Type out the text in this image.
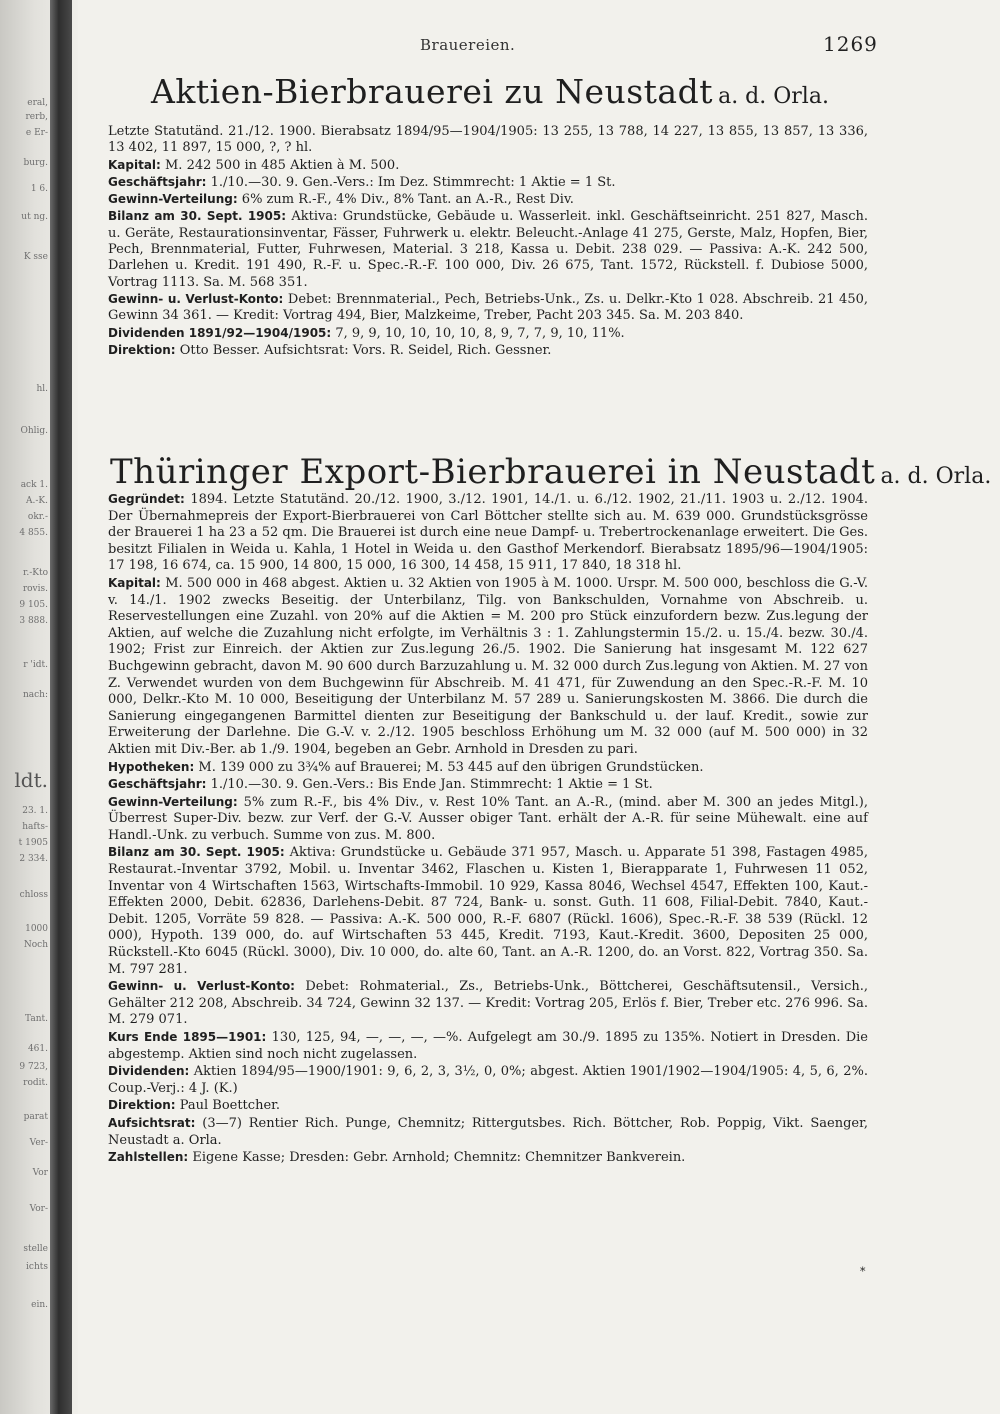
eral,
rerb,
e Er-
burg.
1 6.
ut ng.
K sse
hl.
Ohlig.
ack 1.
A.-K.
okr.-
4 855.
r.-Kto
rovis.
9 105.
3 888.
r 'idt.
nach:
ldt.
23. 1.
hafts-
t 1905
2 334.
chloss
1000
Noch
Tant.
461.
9 723,
rodit.
parat
Ver-
Vor
Vor-
stelle
ichts
ein.
Brauereien.	1269
Aktien-Bierbrauerei zu Neustadt a. d. Orla.

Letzte Statutänd. 21./12. 1900. Bierabsatz 1894/95—1904/1905: 13 255, 13 788, 14 227, 13 855, 13 857, 13 336, 13 402, 11 897, 15 000, ?, ? hl.

Kapital: M. 242 500 in 485 Aktien à M. 500.

Geschäftsjahr: 1./10.—30. 9. Gen.-Vers.: Im Dez. Stimmrecht: 1 Aktie = 1 St.

Gewinn-Verteilung: 6% zum R.-F., 4% Div., 8% Tant. an A.-R., Rest Div.

Bilanz am 30. Sept. 1905: Aktiva: Grundstücke, Gebäude u. Wasserleit. inkl. Geschäftseinricht. 251 827, Masch. u. Geräte, Restaurationsinventar, Fässer, Fuhrwerk u. elektr. Beleucht.-Anlage 41 275, Gerste, Malz, Hopfen, Bier, Pech, Brennmaterial, Futter, Fuhrwesen, Material. 3 218, Kassa u. Debit. 238 029. — Passiva: A.-K. 242 500, Darlehen u. Kredit. 191 490, R.-F. u. Spec.-R.-F. 100 000, Div. 26 675, Tant. 1572, Rückstell. f. Dubiose 5000, Vortrag 1113. Sa. M. 568 351.

Gewinn- u. Verlust-Konto: Debet: Brennmaterial., Pech, Betriebs-Unk., Zs. u. Delkr.-Kto 1 028. Abschreib. 21 450, Gewinn 34 361. — Kredit: Vortrag 494, Bier, Malzkeime, Treber, Pacht 203 345. Sa. M. 203 840.

Dividenden 1891/92—1904/1905: 7, 9, 9, 10, 10, 10, 10, 8, 9, 7, 7, 9, 10, 11%.

Direktion: Otto Besser. Aufsichtsrat: Vors. R. Seidel, Rich. Gessner.

Thüringer Export-Bierbrauerei in Neustadt a. d. Orla.

Gegründet: 1894. Letzte Statutänd. 20./12. 1900, 3./12. 1901, 14./1. u. 6./12. 1902, 21./11. 1903 u. 2./12. 1904. Der Übernahmepreis der Export-Bierbrauerei von Carl Böttcher stellte sich au. M. 639 000. Grundstücksgrösse der Brauerei 1 ha 23 a 52 qm. Die Brauerei ist durch eine neue Dampf- u. Trebertrockenanlage erweitert. Die Ges. besitzt Filialen in Weida u. Kahla, 1 Hotel in Weida u. den Gasthof Merkendorf. Bierabsatz 1895/96—1904/1905: 17 198, 16 674, ca. 15 900, 14 800, 15 000, 16 300, 14 458, 15 911, 17 840, 18 318 hl.

Kapital: M. 500 000 in 468 abgest. Aktien u. 32 Aktien von 1905 à M. 1000. Urspr. M. 500 000, beschloss die G.-V. v. 14./1. 1902 zwecks Beseitig. der Unterbilanz, Tilg. von Bankschulden, Vornahme von Abschreib. u. Reservestellungen eine Zuzahl. von 20% auf die Aktien = M. 200 pro Stück einzufordern bezw. Zus.legung der Aktien, auf welche die Zuzahlung nicht erfolgte, im Verhältnis 3 : 1. Zahlungstermin 15./2. u. 15./4. bezw. 30./4. 1902; Frist zur Einreich. der Aktien zur Zus.legung 26./5. 1902. Die Sanierung hat insgesamt M. 122 627 Buchgewinn gebracht, davon M. 90 600 durch Barzuzahlung u. M. 32 000 durch Zus.legung von Aktien. M. 27 von Z. Verwendet wurden von dem Buchgewinn für Abschreib. M. 41 471, für Zuwendung an den Spec.-R.-F. M. 10 000, Delkr.-Kto M. 10 000, Beseitigung der Unterbilanz M. 57 289 u. Sanierungskosten M. 3866. Die durch die Sanierung eingegangenen Barmittel dienten zur Beseitigung der Bankschuld u. der lauf. Kredit., sowie zur Erweiterung der Darlehne. Die G.-V. v. 2./12. 1905 beschloss Erhöhung um M. 32 000 (auf M. 500 000) in 32 Aktien mit Div.-Ber. ab 1./9. 1904, begeben an Gebr. Arnhold in Dresden zu pari.

Hypotheken: M. 139 000 zu 3¾% auf Brauerei; M. 53 445 auf den übrigen Grundstücken.

Geschäftsjahr: 1./10.—30. 9. Gen.-Vers.: Bis Ende Jan. Stimmrecht: 1 Aktie = 1 St.

Gewinn-Verteilung: 5% zum R.-F., bis 4% Div., v. Rest 10% Tant. an A.-R., (mind. aber M. 300 an jedes Mitgl.), Überrest Super-Div. bezw. zur Verf. der G.-V. Ausser obiger Tant. erhält der A.-R. für seine Mühewalt. eine auf Handl.-Unk. zu verbuch. Summe von zus. M. 800.

Bilanz am 30. Sept. 1905: Aktiva: Grundstücke u. Gebäude 371 957, Masch. u. Apparate 51 398, Fastagen 4985, Restaurat.-Inventar 3792, Mobil. u. Inventar 3462, Flaschen u. Kisten 1, Bierapparate 1, Fuhrwesen 11 052, Inventar von 4 Wirtschaften 1563, Wirtschafts-Immobil. 10 929, Kassa 8046, Wechsel 4547, Effekten 100, Kaut.-Effekten 2000, Debit. 62836, Darlehens-Debit. 87 724, Bank- u. sonst. Guth. 11 608, Filial-Debit. 7840, Kaut.-Debit. 1205, Vorräte 59 828. — Passiva: A.-K. 500 000, R.-F. 6807 (Rückl. 1606), Spec.-R.-F. 38 539 (Rückl. 12 000), Hypoth. 139 000, do. auf Wirtschaften 53 445, Kredit. 7193, Kaut.-Kredit. 3600, Depositen 25 000, Rückstell.-Kto 6045 (Rückl. 3000), Div. 10 000, do. alte 60, Tant. an A.-R. 1200, do. an Vorst. 822, Vortrag 350. Sa. M. 797 281.

Gewinn- u. Verlust-Konto: Debet: Rohmaterial., Zs., Betriebs-Unk., Böttcherei, Geschäftsutensil., Versich., Gehälter 212 208, Abschreib. 34 724, Gewinn 32 137. — Kredit: Vortrag 205, Erlös f. Bier, Treber etc. 276 996. Sa. M. 279 071.

Kurs Ende 1895—1901: 130, 125, 94, —, —, —, —%. Aufgelegt am 30./9. 1895 zu 135%. Notiert in Dresden. Die abgestemp. Aktien sind noch nicht zugelassen.

Dividenden: Aktien 1894/95—1900/1901: 9, 6, 2, 3, 3½, 0, 0%; abgest. Aktien 1901/1902—1904/1905: 4, 5, 6, 2%. Coup.-Verj.: 4 J. (K.)

Direktion: Paul Boettcher.

Aufsichtsrat: (3—7) Rentier Rich. Punge, Chemnitz; Rittergutsbes. Rich. Böttcher, Rob. Poppig, Vikt. Saenger, Neustadt a. Orla.

Zahlstellen: Eigene Kasse; Dresden: Gebr. Arnhold; Chemnitz: Chemnitzer Bankverein.

*
